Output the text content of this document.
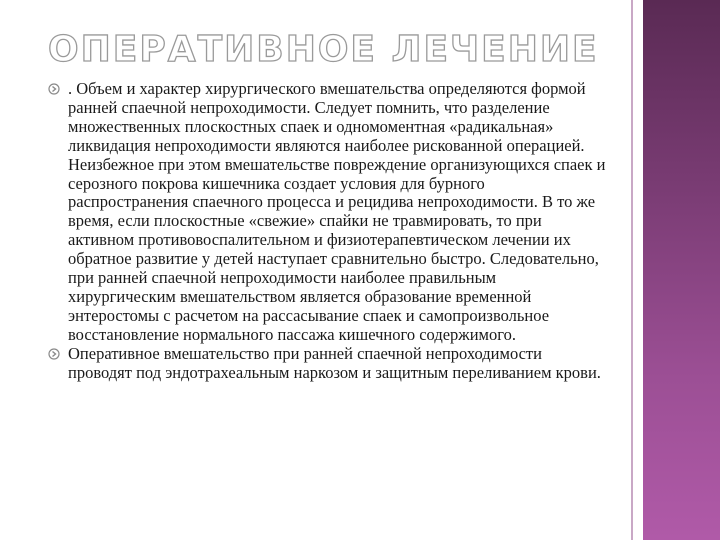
ОПЕРАТИВНОЕ ЛЕЧЕНИЕ
. Объем и характер хирургического вмешательства определяются формой ранней спаечной непроходимости. Следует помнить, что разделение множественных плоскостных спаек и одномоментная «радикальная» ликвидация непроходимости являются наиболее рискованной операцией. Неизбежное при этом вмешательстве повреждение организующихся спаек и серозного покрова кишечника создает условия для бурного распространения спаечного процесса и рецидива непроходимости. В то же время, если плоскостные «свежие» спайки не травмировать, то при активном противовоспалительном и физиотерапевтическом лечении их обратное развитие у детей наступает сравнительно быстро. Следовательно, при ранней спаечной непроходимости наиболее правильным хирургическим вмешательством является образование временной энтеростомы с расчетом на рассасывание спаек и самопроизвольное восстановление нормального пассажа кишечного содержимого.
Оперативное вмешательство при ранней спаечной непроходимости проводят под эндотрахеальным наркозом и защитным переливанием крови.
